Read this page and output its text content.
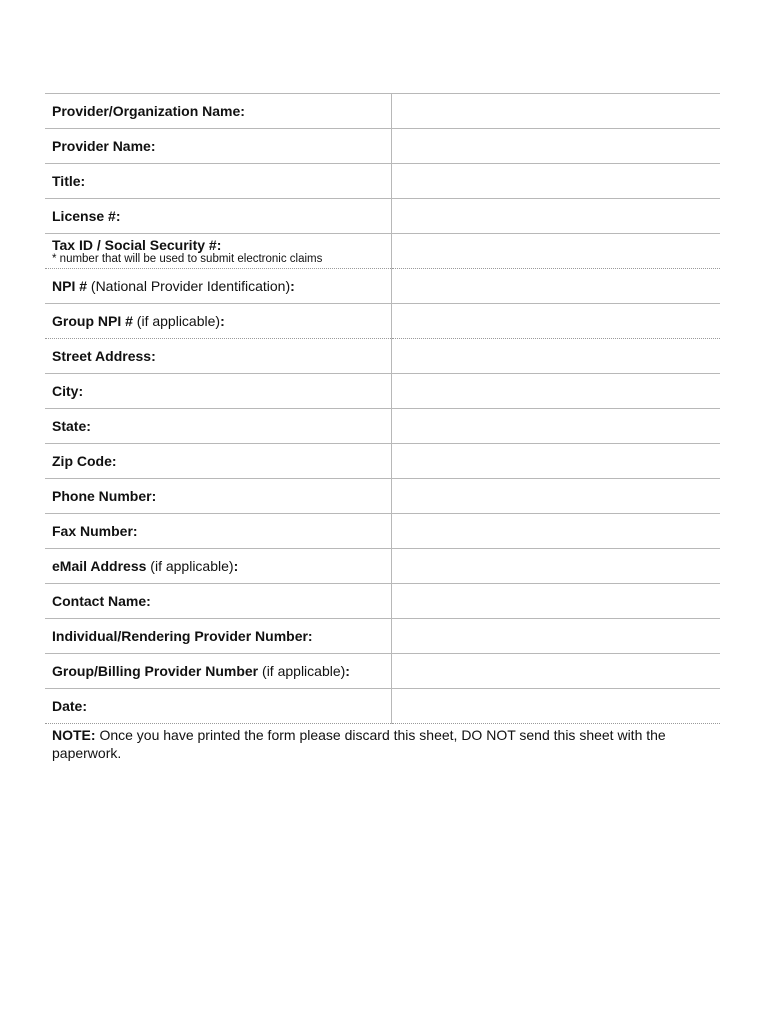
Provider/Organization Name:	
Provider Name:	
Title:	
License #:	
Tax ID / Social Security #:
* number that will be used to submit electronic claims	

NPI # (National Provider Identification):	
Group NPI # (if applicable):	
Street Address:	
City:	
State:	
Zip Code:	
Phone Number:	
Fax Number:	
eMail Address (if applicable):	
Contact Name:	
Individual/Rendering Provider Number:	
Group/Billing Provider Number (if applicable):	
Date:	
NOTE: Once you have printed the form please discard this sheet, DO NOT send this sheet with the paperwork.
